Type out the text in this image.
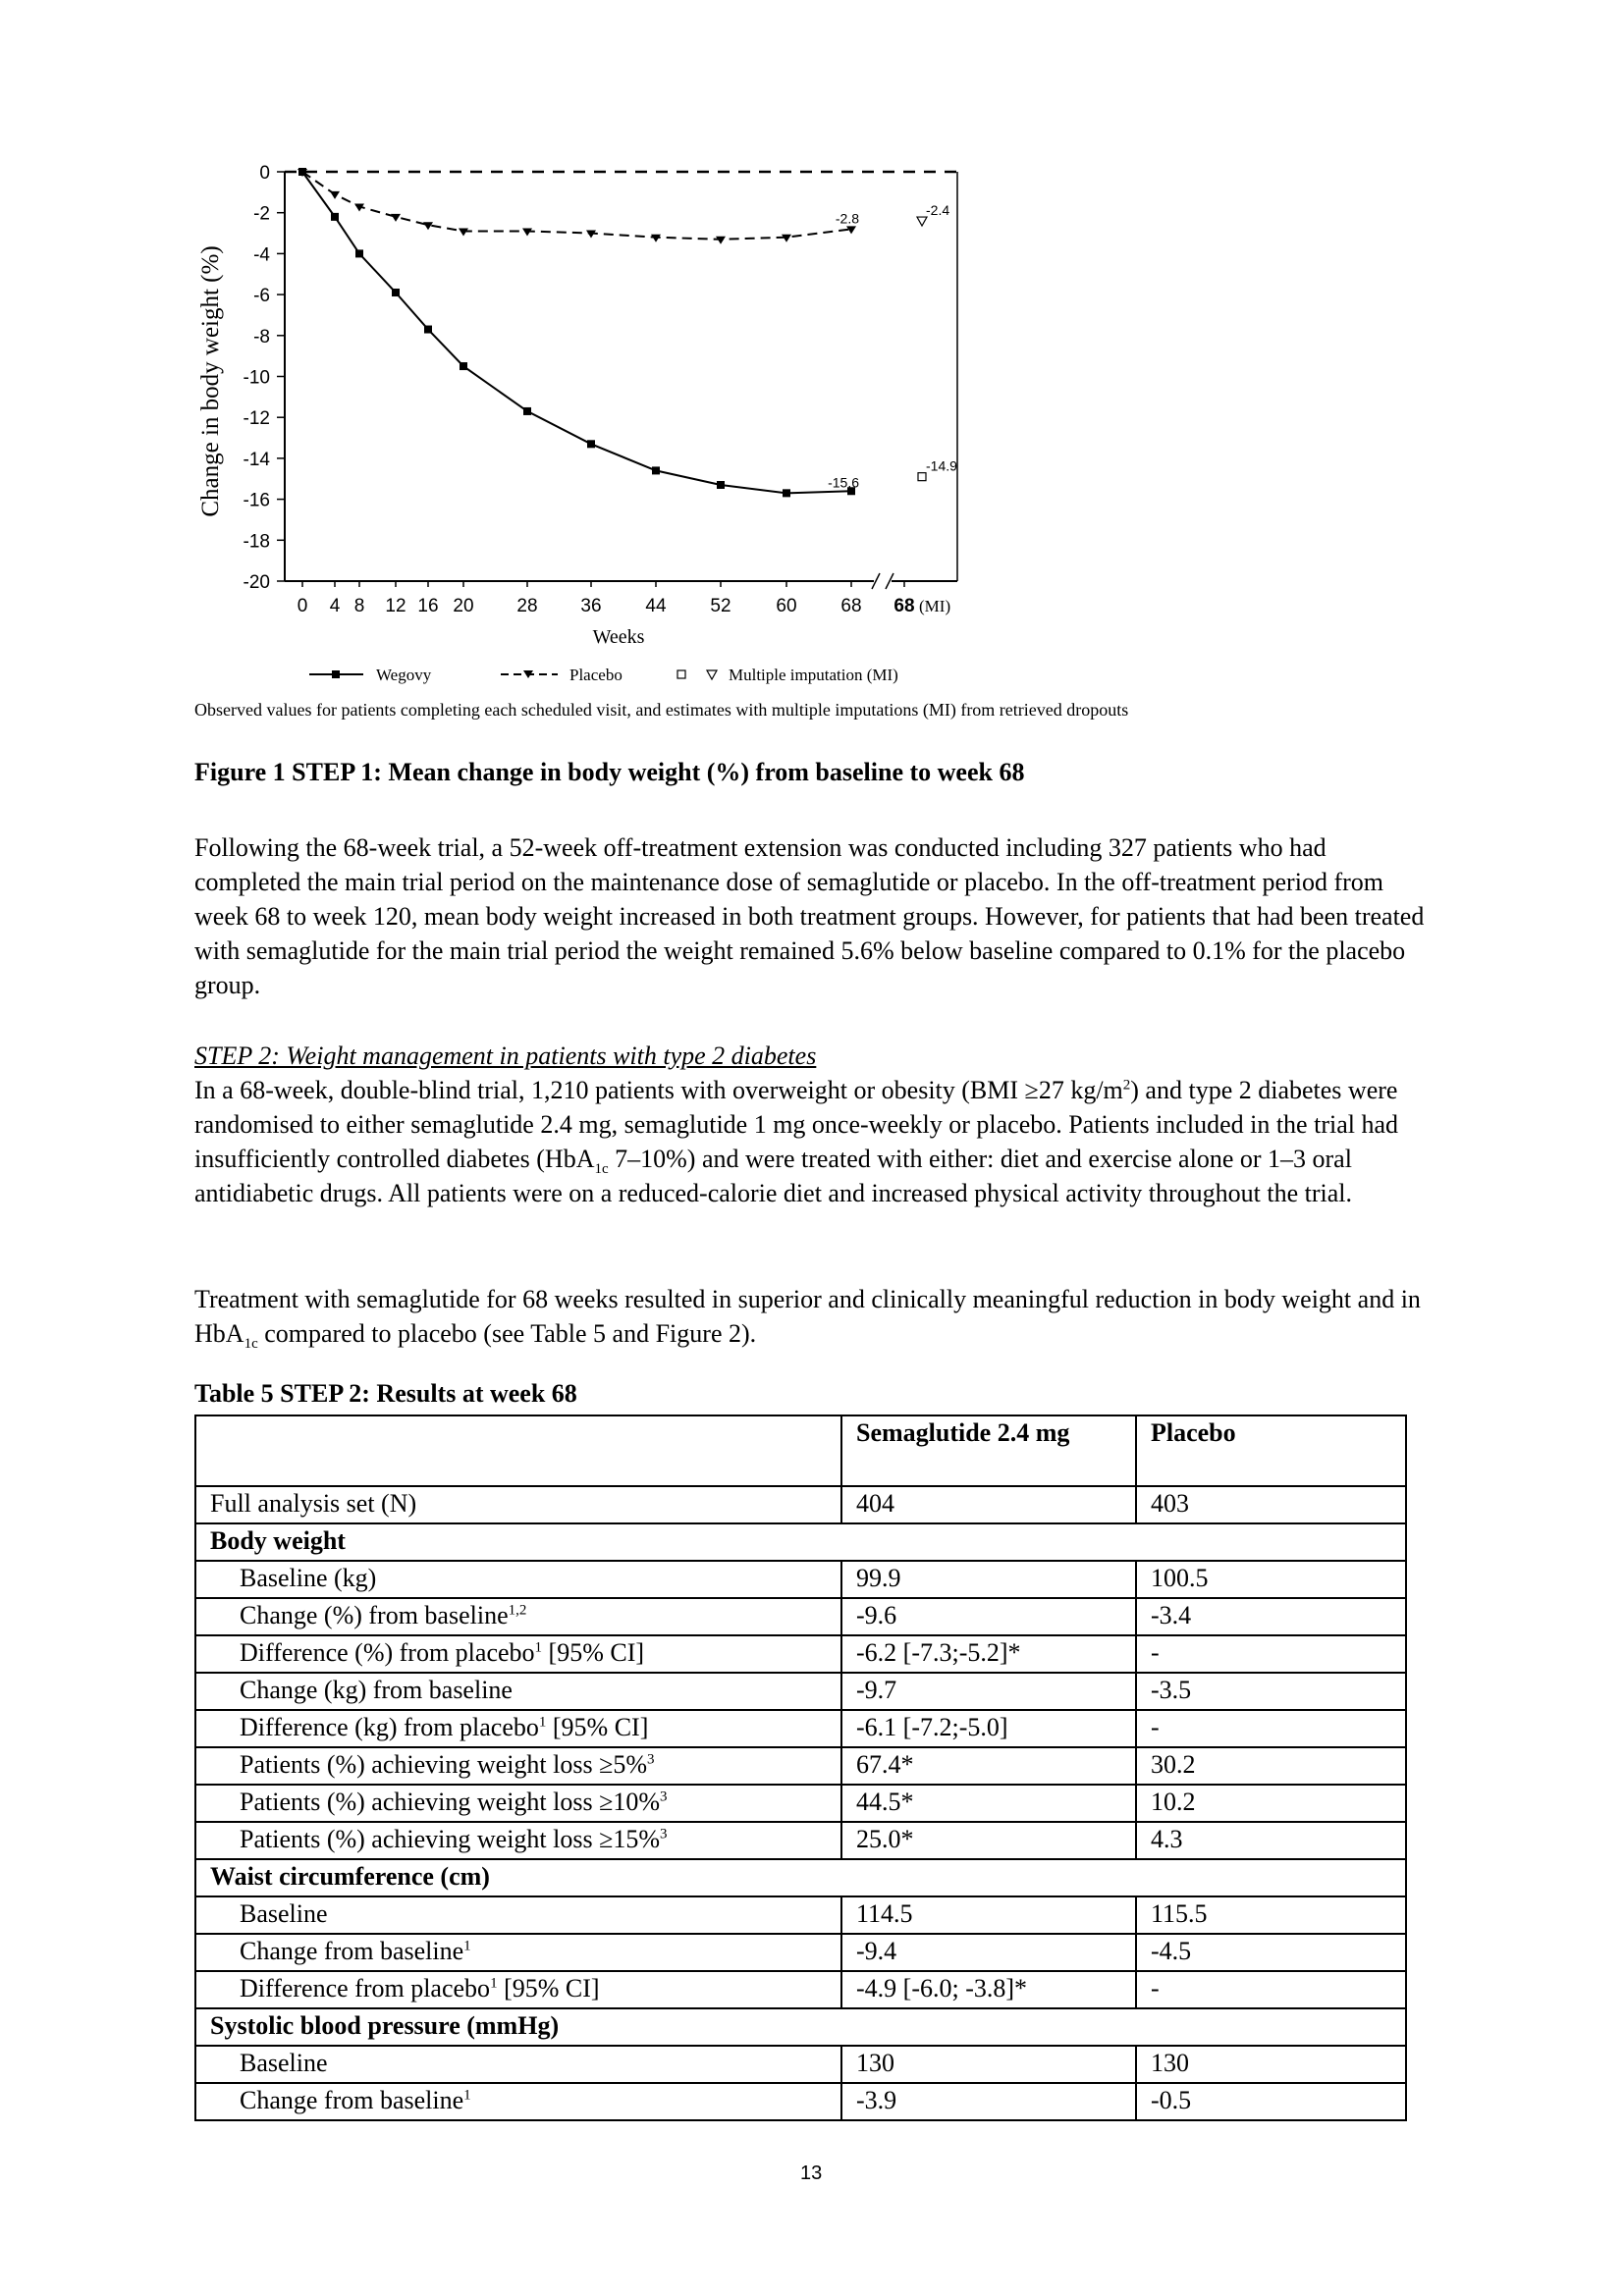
0
-2
-4
-6
-8
-10
-12
-14
-16
-18
-20
0 4 8 12 16 20 28 36 44 52 60 68 68 (MI)
Change in body weight (%)
Weeks
-15.6
-14.9
-2.8
-2.4
Wegovy	Placebo	Multiple imputation (MI)
Observed values for patients completing each scheduled visit, and estimates with multiple imputations (MI) from retrieved dropouts
Figure 1 STEP 1: Mean change in body weight (%) from baseline to week 68

Following the 68-week trial, a 52-week off-treatment extension was conducted including 327 patients who had completed the main trial period on the maintenance dose of semaglutide or placebo. In the off-treatment period from week 68 to week 120, mean body weight increased in both treatment groups. However, for patients that had been treated with semaglutide for the main trial period the weight remained 5.6% below baseline compared to 0.1% for the placebo group.

STEP 2: Weight management in patients with type 2 diabetes

In a 68-week, double-blind trial, 1,210 patients with overweight or obesity (BMI ≥27 $kg/m^2$) and type 2 diabetes were randomised to either semaglutide 2.4 mg, semaglutide 1 mg once-weekly or placebo. Patients included in the trial had insufficiently controlled diabetes (HbA$_{1c}$ 7–10%) and were treated with either: diet and exercise alone or 1–3 oral antidiabetic drugs. All patients were on a reduced-calorie diet and increased physical activity throughout the trial.

Treatment with semaglutide for 68 weeks resulted in superior and clinically meaningful reduction in body weight and in HbA$_{1c}$ compared to placebo (see Table 5 and Figure 2).

Table 5 STEP 2: Results at week 68
	Semaglutide 2.4 mg	Placebo
Full analysis set (N)	404	403
Body weight		
Baseline (kg)	99.9	100.5
Change (%) from baseline$^{1,2}$	-9.6	-3.4
Difference (%) from placebo$^1$ [95% CI]	-6.2 [-7.3;-5.2]*	-
Change (kg) from baseline	-9.7	-3.5
Difference (kg) from placebo$^1$ [95% CI]	-6.1 [-7.2;-5.0]	-
Patients (%) achieving weight loss ≥5%$^3$	67.4*	30.2
Patients (%) achieving weight loss ≥10%$^3$	44.5*	10.2
Patients (%) achieving weight loss ≥15%$^3$	25.0*	4.3
Waist circumference (cm)		
Baseline	114.5	115.5
Change from baseline$^1$	-9.4	-4.5
Difference from placebo$^1$ [95% CI]	-4.9 [-6.0; -3.8]*	-
Systolic blood pressure (mmHg)		
Baseline	130	130
Change from baseline$^1$	-3.9	-0.5
13
